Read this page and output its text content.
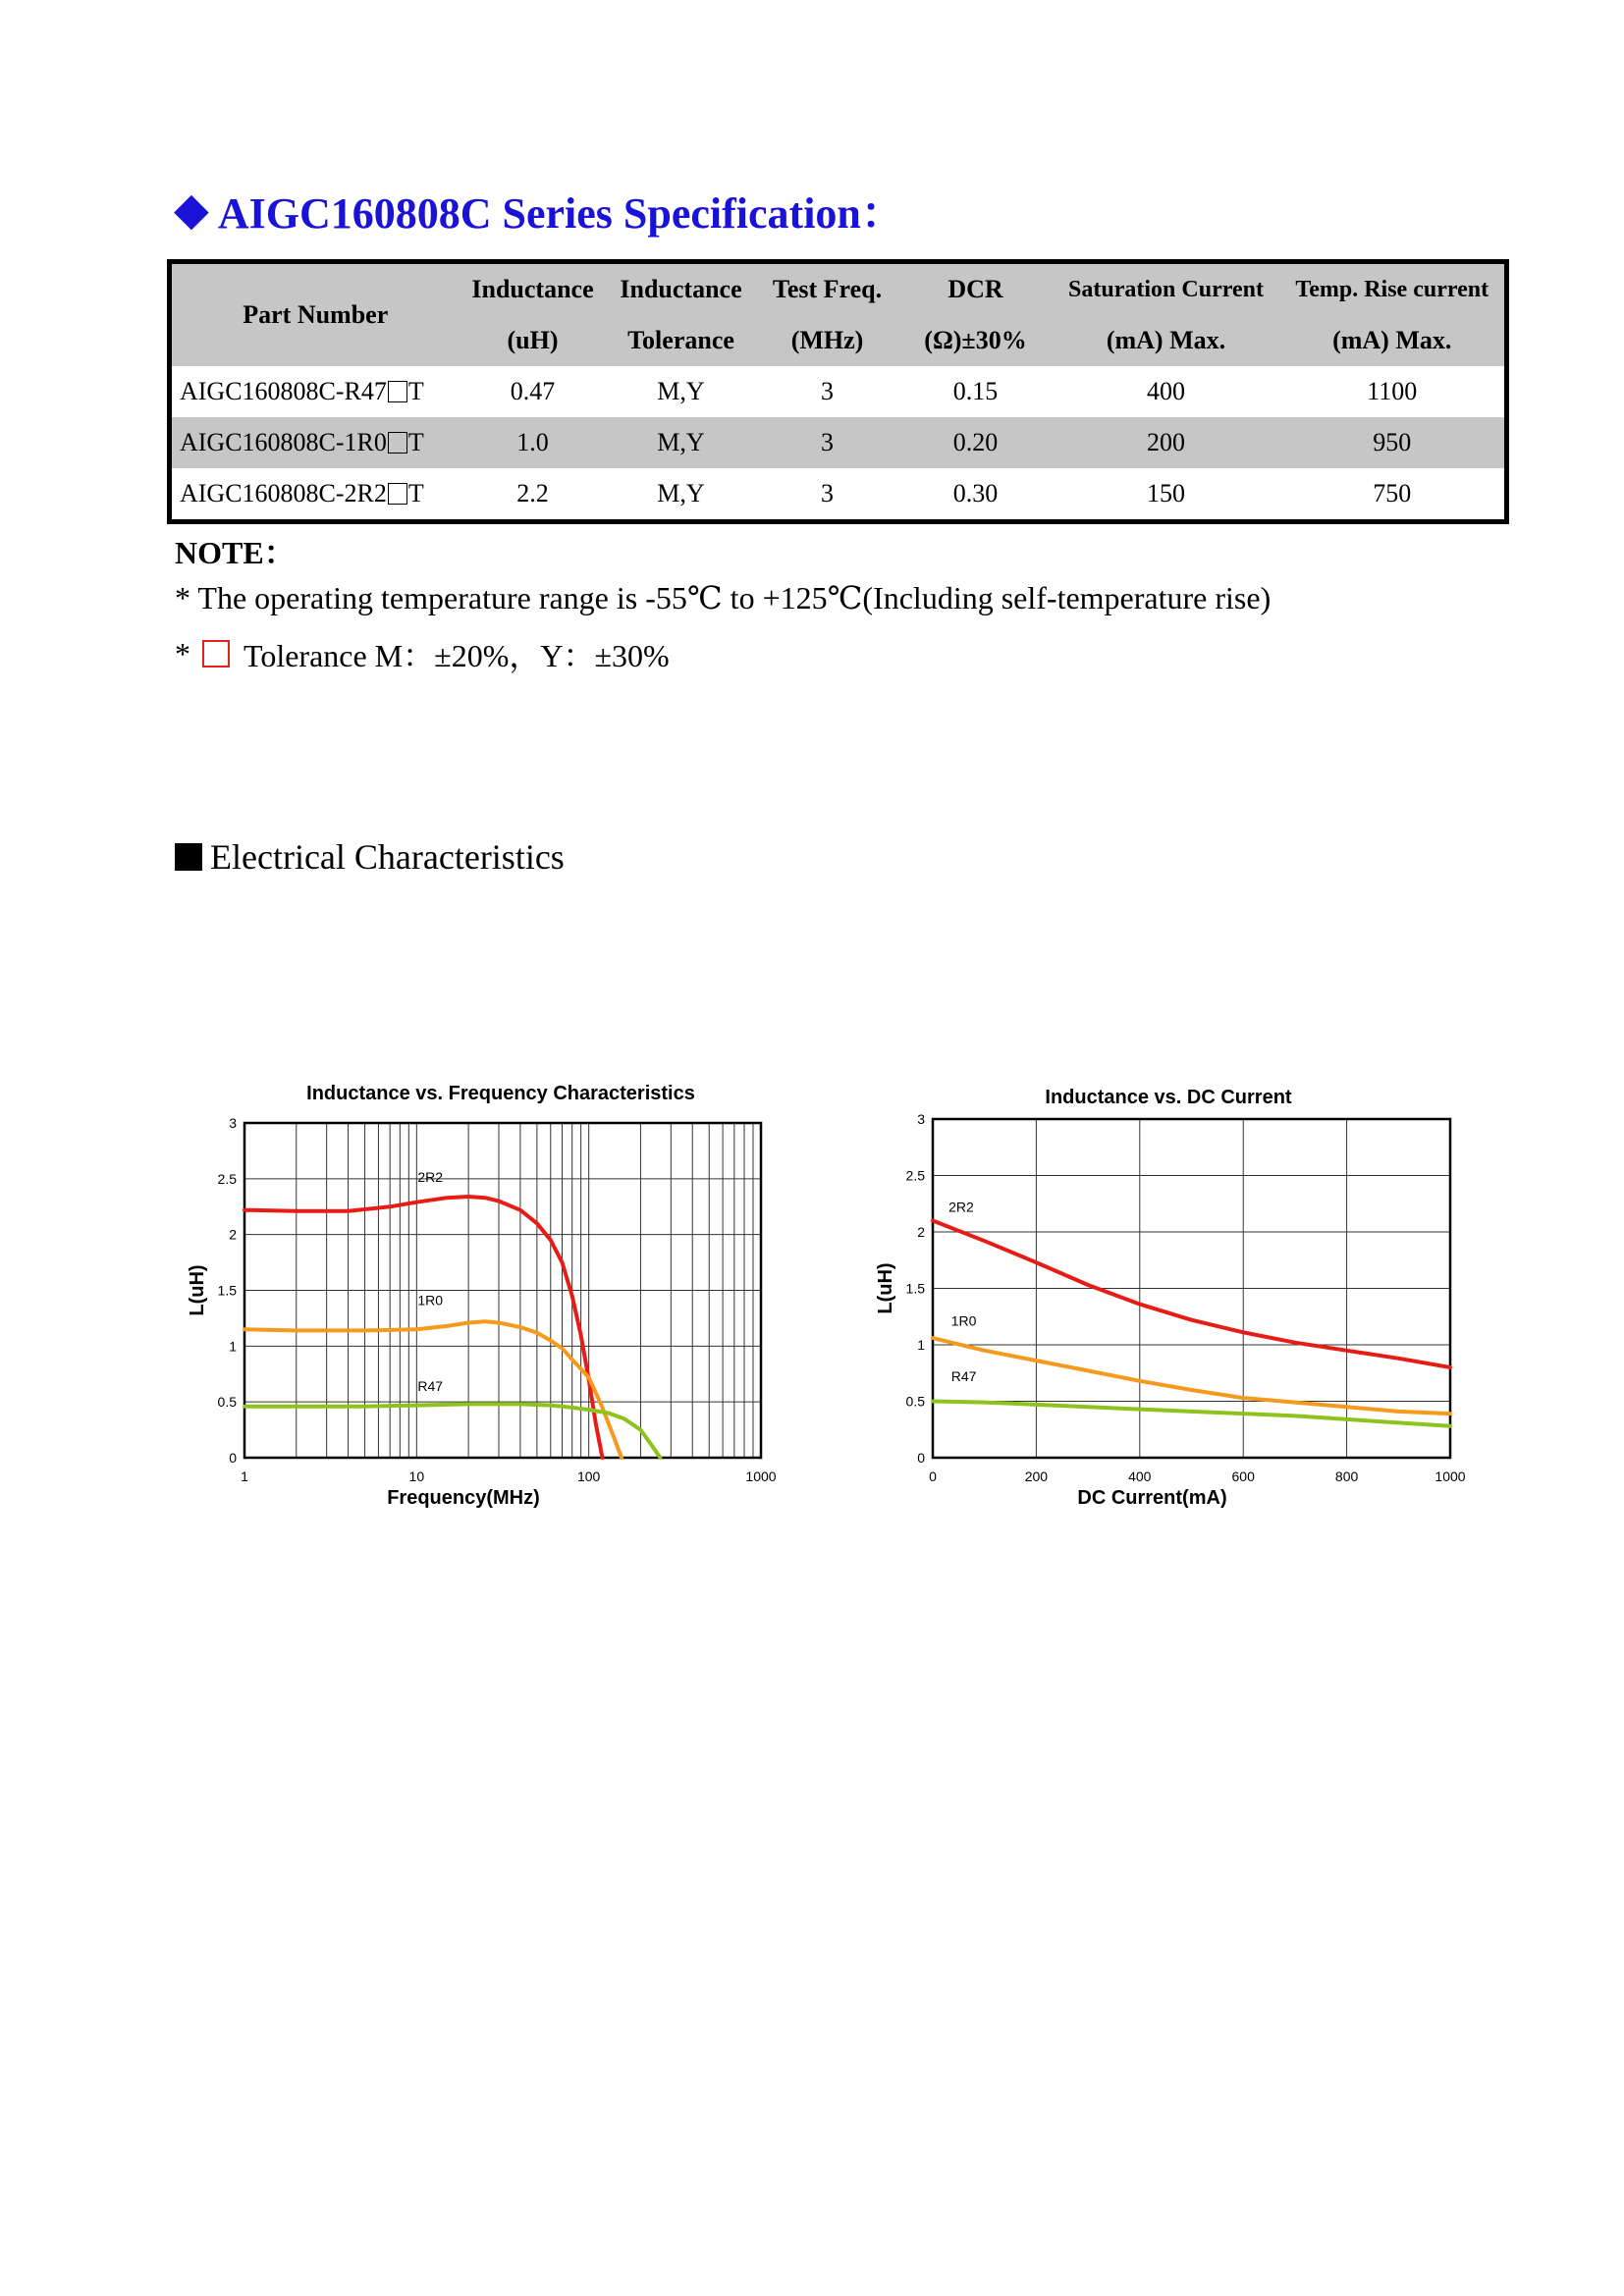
◆ AIGC160808C Series Specification：
Part Number	Inductance	Inductance	Test Freq.	DCR	Saturation Current	Temp. Rise current
	(uH)	Tolerance	(MHz)	(Ω)±30%	(mA) Max.	(mA) Max.
AIGC160808C-R47 T	0.47	M,Y	3	0.15	400	1100
AIGC160808C-1R0 T	1.0	M,Y	3	0.20	200	950
AIGC160808C-2R2 T	2.2	M,Y	3	0.30	150	750
NOTE：
* The operating temperature range is -55℃ to +125℃(Including self-temperature rise)
* Tolerance M：±20%，Y：±30%
Electrical Characteristics
0
0.5
1
1.5
2
2.5
3
1	10	100	1000
Inductance vs. Frequency Characteristics
Frequency(MHz)
L(uH)
2R2
1R0
R47
0
0.5
1
1.5
2
2.5
3
0	200	400	600	800	1000
Inductance vs. DC Current
DC Current(mA)
L(uH)
2R2
1R0
R47
